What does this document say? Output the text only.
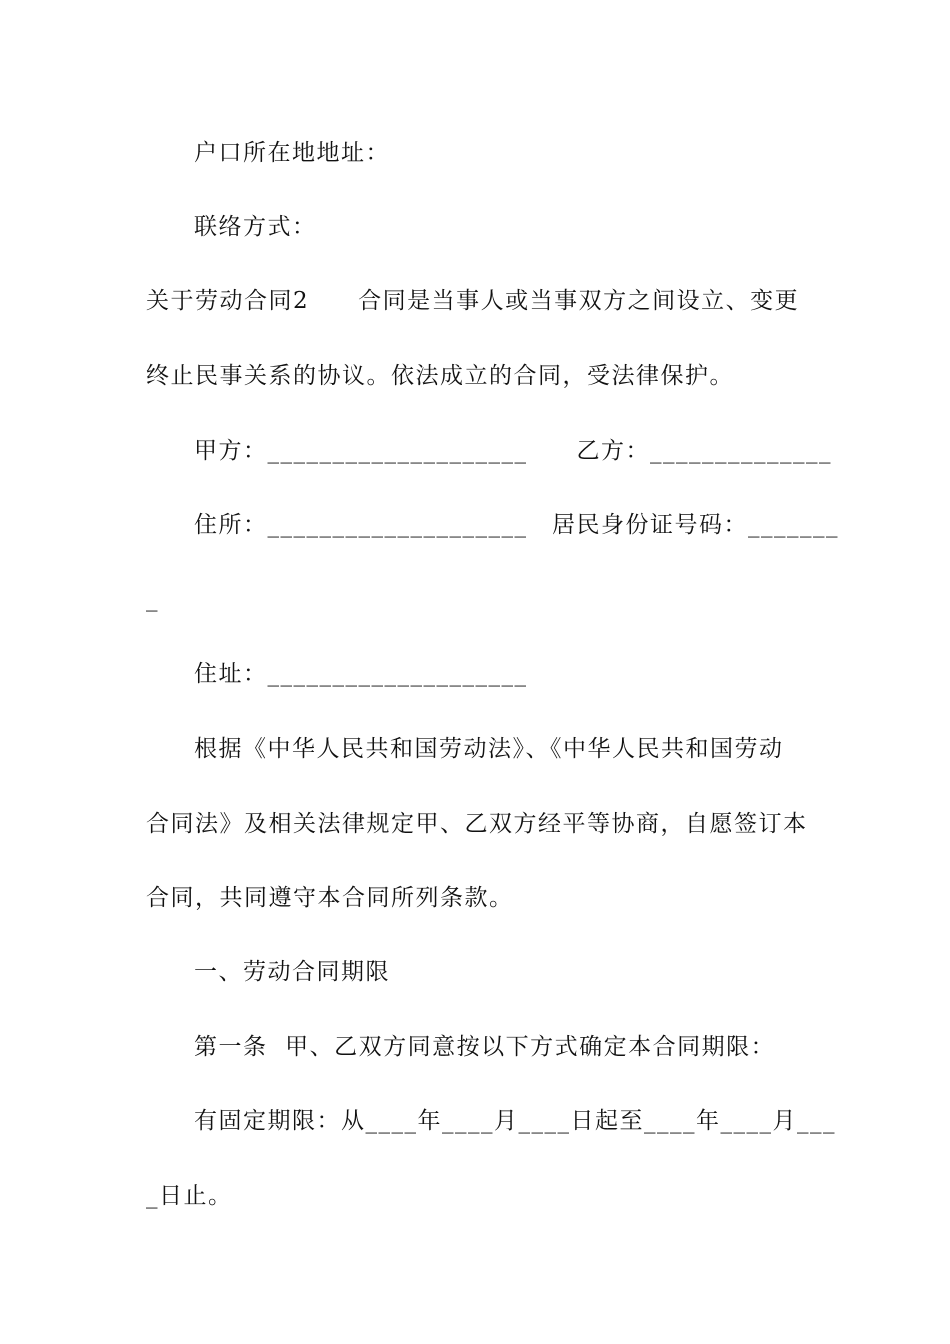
户口所在地地址：
联络方式：
关于劳动合同2　　合同是当事人或当事双方之间设立、变更
终止民事关系的协议。依法成立的合同，受法律保护。
甲方：____________________　　乙方：______________
住所：____________________　居民身份证号码：_______
_
住址：____________________
根据《中华人民共和国劳动法》、《中华人民共和国劳动
合同法》及相关法律规定甲、乙双方经平等协商，自愿签订本
合同，共同遵守本合同所列条款。
一、劳动合同期限
第一条  甲、乙双方同意按以下方式确定本合同期限：
有固定期限：从____年____月____日起至____年____月___
_日止。
